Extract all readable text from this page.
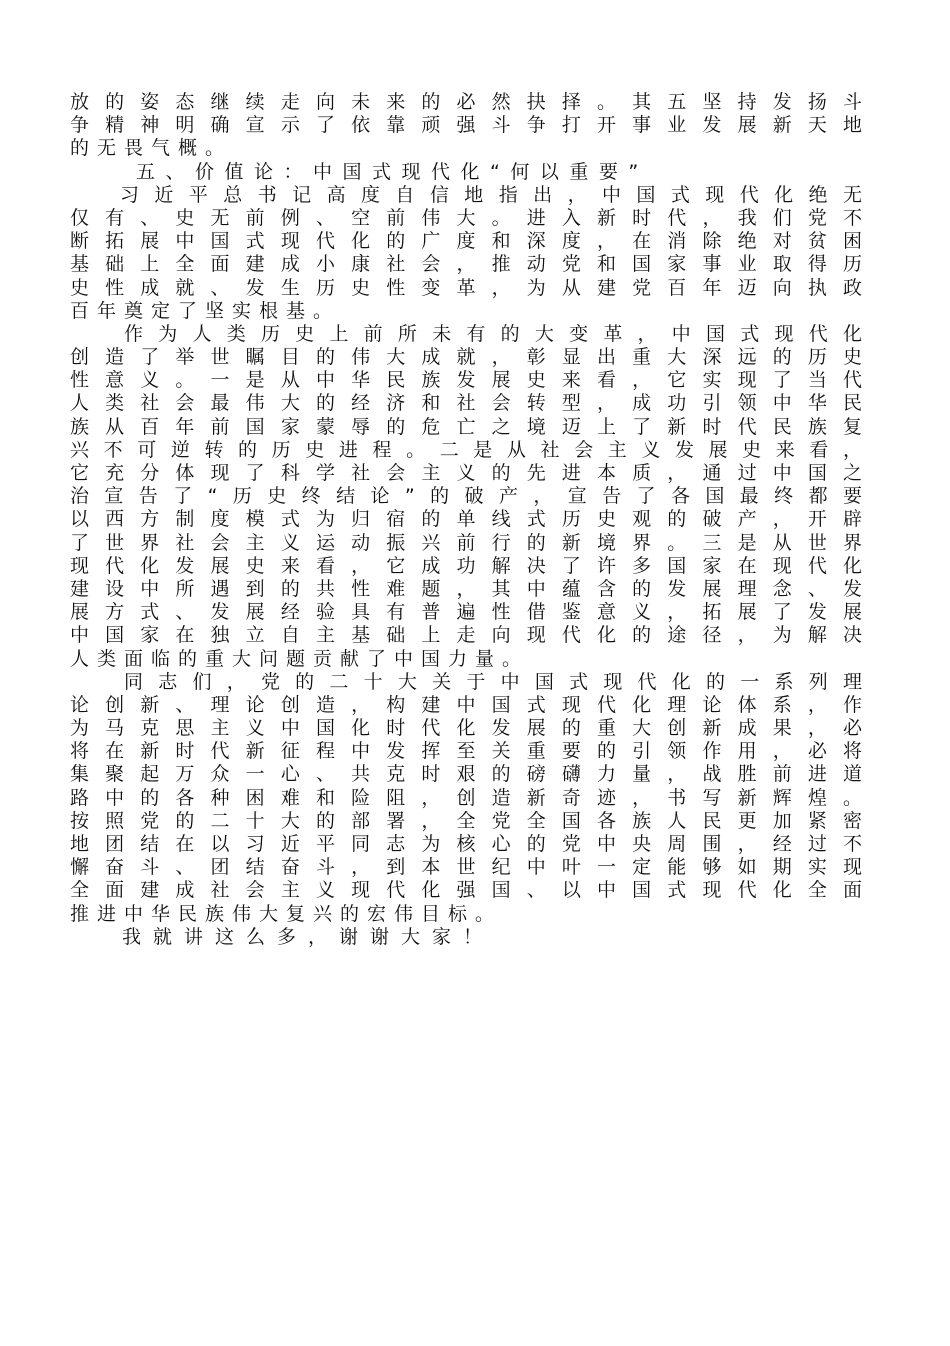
放的姿态继续走向未来的必然抉择。其五坚持发扬斗
争精神明确宣示了依靠顽强斗争打开事业发展新天地
的无畏气概。
五、价值论：中国式现代化“何以重要”
习近平总书记高度自信地指出，中国式现代化绝无
仅有、史无前例、空前伟大。进入新时代，我们党不
断拓展中国式现代化的广度和深度，在消除绝对贫困
基础上全面建成小康社会，推动党和国家事业取得历
史性成就、发生历史性变革，为从建党百年迈向执政
百年奠定了坚实根基。
作为人类历史上前所未有的大变革，中国式现代化
创造了举世瞩目的伟大成就，彰显出重大深远的历史
性意义。一是从中华民族发展史来看，它实现了当代
人类社会最伟大的经济和社会转型，成功引领中华民
族从百年前国家蒙辱的危亡之境迈上了新时代民族复
兴不可逆转的历史进程。二是从社会主义发展史来看，
它充分体现了科学社会主义的先进本质，通过中国之
治宣告了“历史终结论”的破产，宣告了各国最终都要
以西方制度模式为归宿的单线式历史观的破产，开辟
了世界社会主义运动振兴前行的新境界。三是从世界
现代化发展史来看，它成功解决了许多国家在现代化
建设中所遇到的共性难题，其中蕴含的发展理念、发
展方式、发展经验具有普遍性借鉴意义，拓展了发展
中国家在独立自主基础上走向现代化的途径，为解决
人类面临的重大问题贡献了中国力量。
同志们，党的二十大关于中国式现代化的一系列理
论创新、理论创造，构建中国式现代化理论体系，作
为马克思主义中国化时代化发展的重大创新成果，必
将在新时代新征程中发挥至关重要的引领作用，必将
集聚起万众一心、共克时艰的磅礴力量，战胜前进道
路中的各种困难和险阻，创造新奇迹，书写新辉煌。
按照党的二十大的部署，全党全国各族人民更加紧密
地团结在以习近平同志为核心的党中央周围，经过不
懈奋斗、团结奋斗，到本世纪中叶一定能够如期实现
全面建成社会主义现代化强国、以中国式现代化全面
推进中华民族伟大复兴的宏伟目标。
我就讲这么多，谢谢大家！
